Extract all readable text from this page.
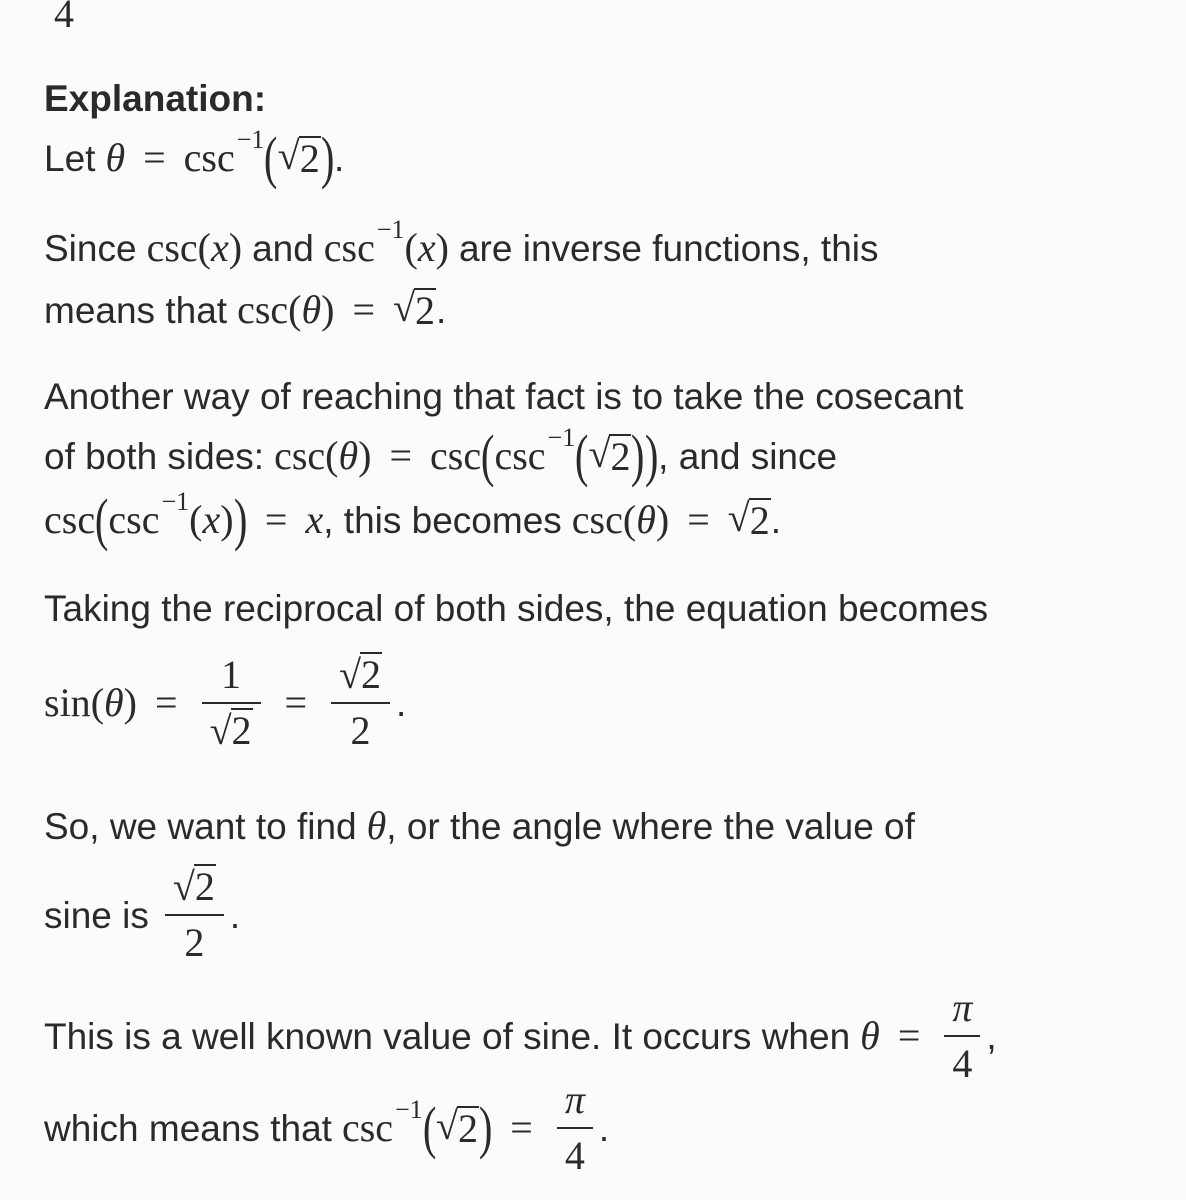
4
Explanation:
Let θ = csc −1 ( √ 2 ) .
Since csc ( x ) and csc −1 ( x ) are inverse functions, this
means that csc ( θ ) = √ 2 .
Another way of reaching that fact is to take the cosecant
of both sides: csc ( θ ) = csc ( csc −1 ( √ 2 ) ) , and since
csc ( csc −1 ( x ) ) = x , this becomes csc ( θ ) = √ 2 .
Taking the reciprocal of both sides, the equation becomes
sin ( θ ) = $\frac{1}{√ 2} = \frac{√ 2}{2}$ .
So, we want to find θ , or the angle where the value of
sine is $\frac{√ 2}{2}$ .
This is a well known value of sine. It occurs when $\theta = \frac{\pi}{4}$ ,
which means that csc −1 ( √ 2 ) = $\frac{\pi}{4}$ .
